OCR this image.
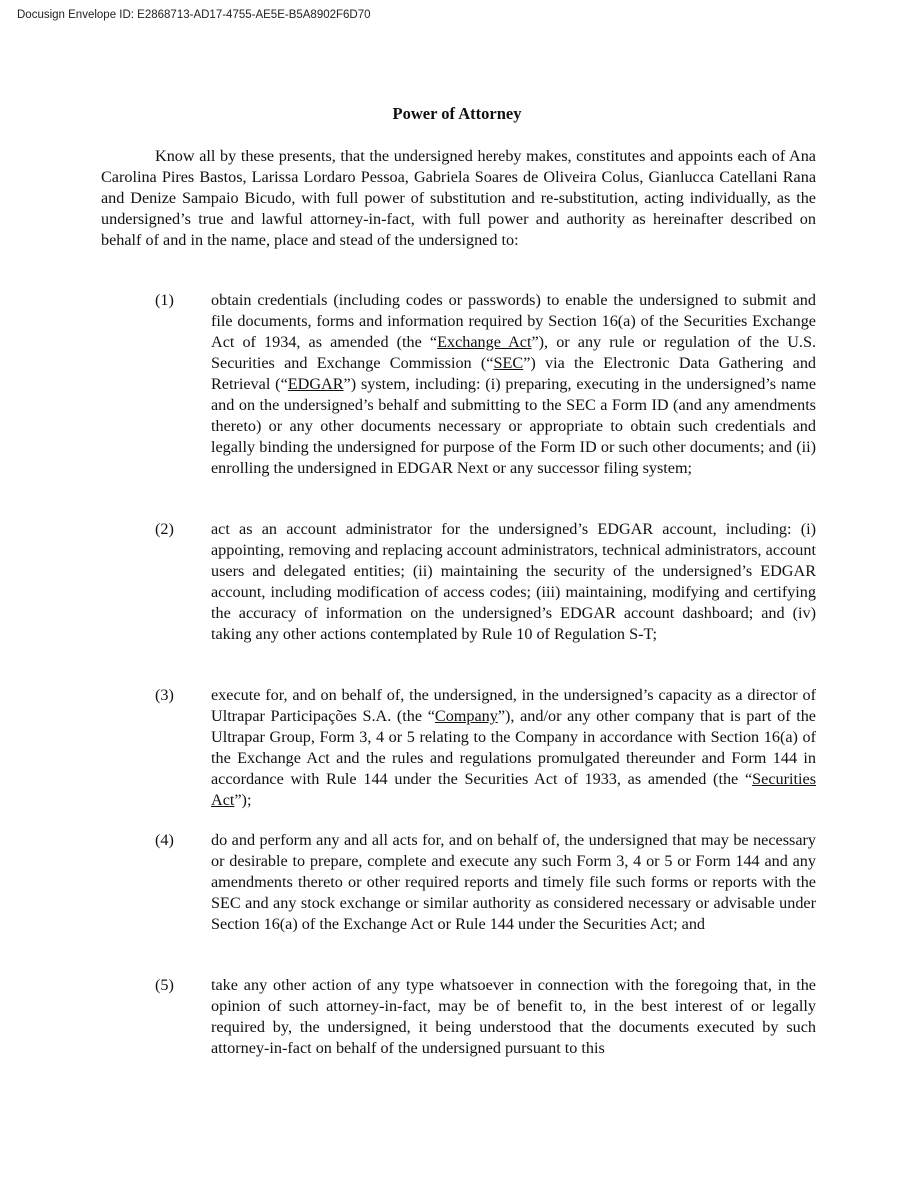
Docusign Envelope ID: E2868713-AD17-4755-AE5E-B5A8902F6D70
Power of Attorney
Know all by these presents, that the undersigned hereby makes, constitutes and appoints each of Ana Carolina Pires Bastos, Larissa Lordaro Pessoa, Gabriela Soares de Oliveira Colus, Gianlucca Catellani Rana and Denize Sampaio Bicudo, with full power of substitution and re-substitution, acting individually, as the undersigned’s true and lawful attorney-in-fact, with full power and authority as hereinafter described on behalf of and in the name, place and stead of the undersigned to:
(1) obtain credentials (including codes or passwords) to enable the undersigned to submit and file documents, forms and information required by Section 16(a) of the Securities Exchange Act of 1934, as amended (the “Exchange Act”), or any rule or regulation of the U.S. Securities and Exchange Commission (“SEC”) via the Electronic Data Gathering and Retrieval (“EDGAR”) system, including: (i) preparing, executing in the undersigned’s name and on the undersigned’s behalf and submitting to the SEC a Form ID (and any amendments thereto) or any other documents necessary or appropriate to obtain such credentials and legally binding the undersigned for purpose of the Form ID or such other documents; and (ii) enrolling the undersigned in EDGAR Next or any successor filing system;
(2) act as an account administrator for the undersigned’s EDGAR account, including: (i) appointing, removing and replacing account administrators, technical administrators, account users and delegated entities; (ii) maintaining the security of the undersigned’s EDGAR account, including modification of access codes; (iii) maintaining, modifying and certifying the accuracy of information on the undersigned’s EDGAR account dashboard; and (iv) taking any other actions contemplated by Rule 10 of Regulation S-T;
(3) execute for, and on behalf of, the undersigned, in the undersigned’s capacity as a director of Ultrapar Participações S.A. (the “Company”), and/or any other company that is part of the Ultrapar Group, Form 3, 4 or 5 relating to the Company in accordance with Section 16(a) of the Exchange Act and the rules and regulations promulgated thereunder and Form 144 in accordance with Rule 144 under the Securities Act of 1933, as amended (the “Securities Act”);
(4) do and perform any and all acts for, and on behalf of, the undersigned that may be necessary or desirable to prepare, complete and execute any such Form 3, 4 or 5 or Form 144 and any amendments thereto or other required reports and timely file such forms or reports with the SEC and any stock exchange or similar authority as considered necessary or advisable under Section 16(a) of the Exchange Act or Rule 144 under the Securities Act; and
(5) take any other action of any type whatsoever in connection with the foregoing that, in the opinion of such attorney-in-fact, may be of benefit to, in the best interest of or legally required by, the undersigned, it being understood that the documents executed by such attorney-in-fact on behalf of the undersigned pursuant to this
